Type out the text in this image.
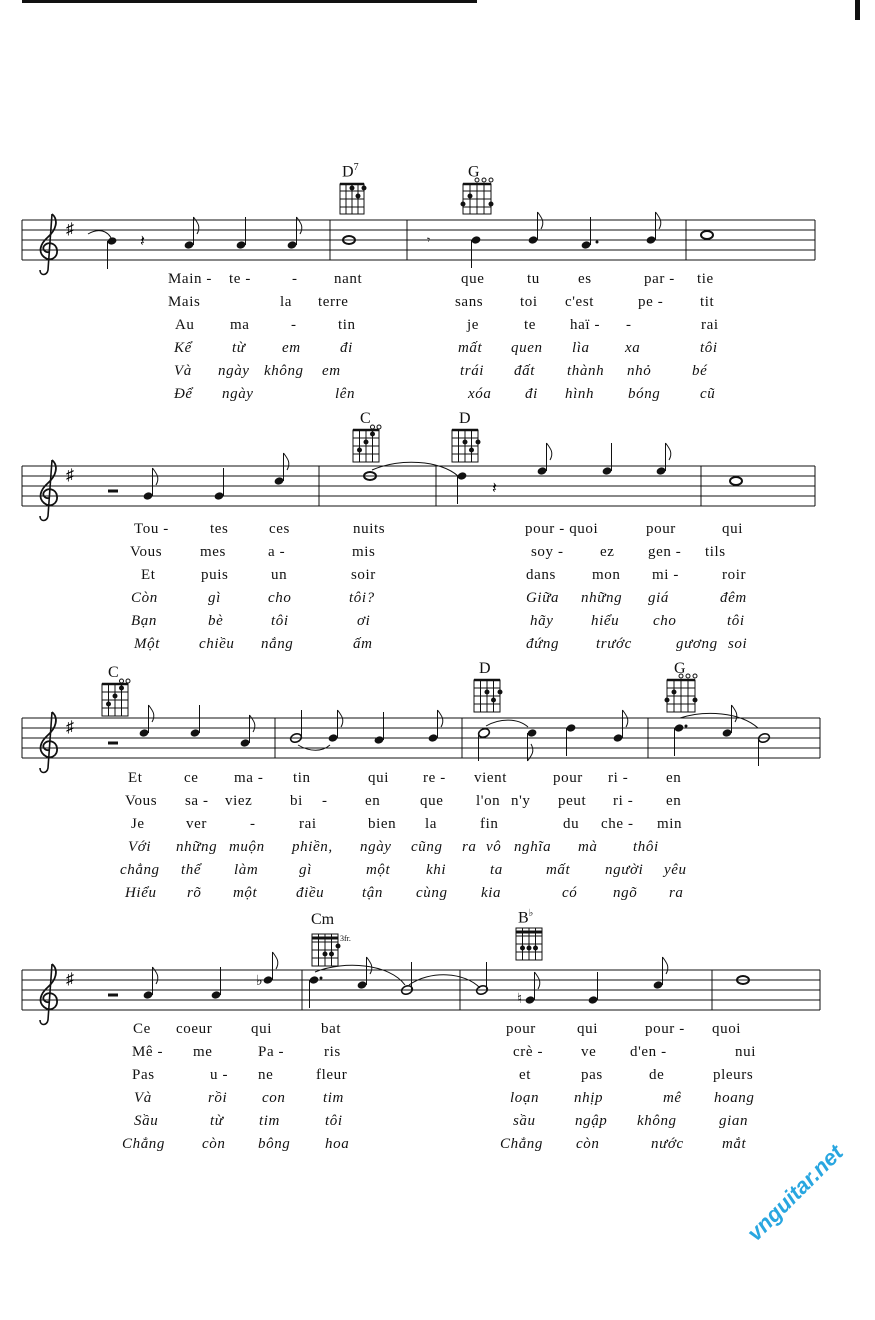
♯
𝄽	𝄾
♯
𝄽
♯
♯	♭
♮
$D^7$	G
C	D
C	D	G
Cm
3fr.
B♭
vnguitar.net
Main - te -	- nant	que	tu	es	par - tie
Mais	la terre	sans toi c'est	pe - tit
Au ma	-	tin	je	te haï - -	rai
Kể	từ em	đi	mất quen lìa xa	tôi
Và ngày không em	trái đất thành nhỏ	bé
Để ngày	lên	xóa đi hình bóng	cũ
Tou -	tes	ces	nuits	pour - quoi	pour	qui
Vous	mes	a -	mis	soy - ez gen - tils
Et	puis	un	soir	dans mon mi -	roir
Còn	gì	cho	tôi?	Giữa những giá	đêm
Bạn	bè	tôi	ơi	hãy	hiểu cho	tôi
Một	chiều nắng	ấm	đứng trước	gương soi
Et	ce ma - tin	qui re - vient	pour ri -	en
Vous sa - viez	bi - en	que l'on n'y peut ri - en
Je	ver	-	rai	bien la	fin	du che - min
Với những muộn phiền, ngày cũng ra vô nghĩa mà thôi
chẳng thể làm	gì	một khi	ta	mất người yêu
Hiểu rõ một	điều	tận cùng kia	có ngõ ra
Ce coeur	qui	bat	pour	qui	pour - quoi
Mê - me	Pa -	ris	crè -	ve d'en -	nui
Pas	u - ne	fleur	et	pas	de	pleurs
Và	rồi con	tim	loạn nhịp	mê hoang
Sầu	từ tim	tôi	sầu	ngập không	gian
Chẳng còn bông hoa	Chẳng còn	nước	mắt
